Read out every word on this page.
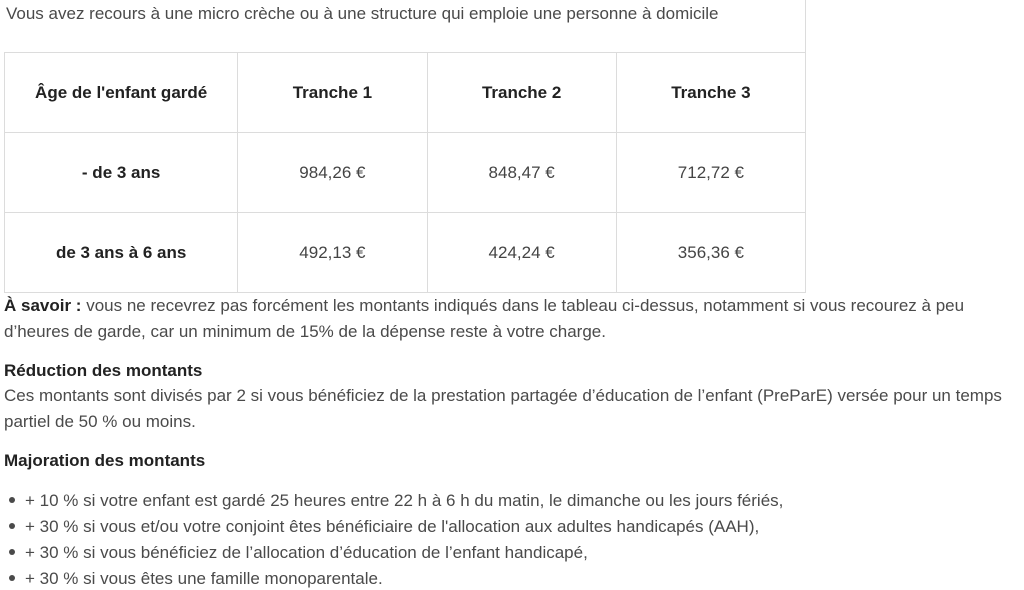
Âge de l'enfant gardé	Tranche 1	Tranche 2	Tranche 3
- de 3 ans	984,26 €	848,47 €	712,72 €
de 3 ans à 6 ans	492,13 €	424,24 €	356,36 €
Vous avez recours à une micro crèche ou à une structure qui emploie une personne à domicile
À savoir : vous ne recevrez pas forcément les montants indiqués dans le tableau ci-dessus, notamment si vous recourez à peu d’heures de garde, car un minimum de 15% de la dépense reste à votre charge.
Réduction des montants
Ces montants sont divisés par 2 si vous bénéficiez de la prestation partagée d’éducation de l’enfant (PreParE) versée pour un temps partiel de 50 % ou moins.
Majoration des montants
+ 10 % si votre enfant est gardé 25 heures entre 22 h à 6 h du matin, le dimanche ou les jours fériés,
+ 30 % si vous et/ou votre conjoint êtes bénéficiaire de l'allocation aux adultes handicapés (AAH),
+ 30 % si vous bénéficiez de l’allocation d’éducation de l’enfant handicapé,
+ 30 % si vous êtes une famille monoparentale.
